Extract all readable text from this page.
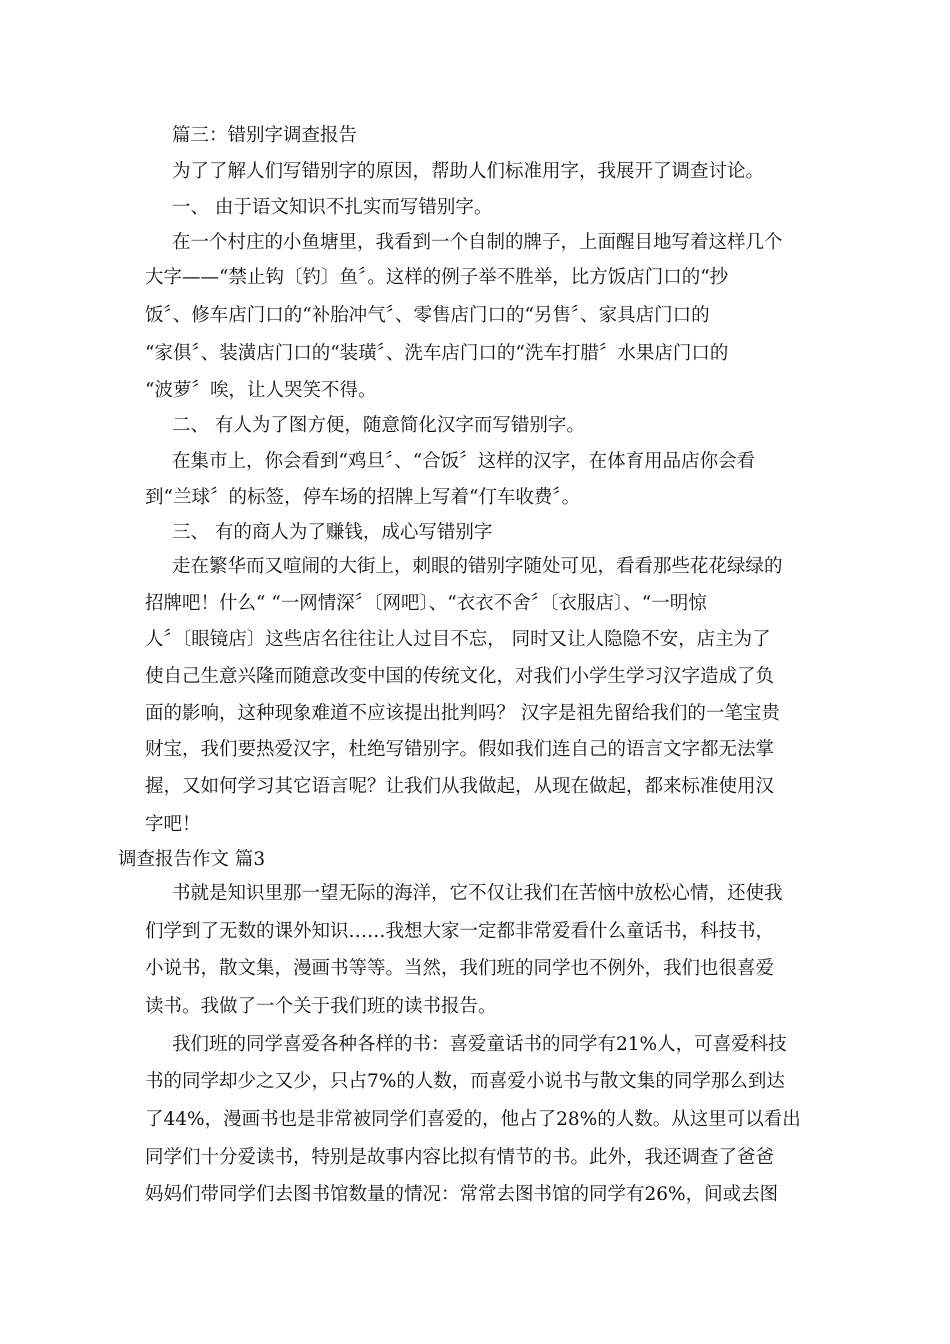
篇三：错别字调查报告
为了了解人们写错别字的原因，帮助人们标准用字，我展开了调查讨论。
一、 由于语文知识不扎实而写错别字。
在一个村庄的小鱼塘里，我看到一个自制的牌子，上面醒目地写着这样几个
大字——“禁止钩〔钓〕鱼〞。这样的例子举不胜举，比方饭店门口的“抄
饭〞、修车店门口的“补胎冲气〞、零售店门口的“另售〞、家具店门口的
“家俱〞、装潢店门口的“装璜〞、洗车店门口的“洗车打腊〞水果店门口的
“波萝〞唉，让人哭笑不得。
二、 有人为了图方便，随意简化汉字而写错别字。
在集市上，你会看到“鸡旦〞、“合饭〞这样的汉字，在体育用品店你会看
到“兰球〞的标签，停车场的招牌上写着“仃车收费〞。
三、 有的商人为了赚钱，成心写错别字
走在繁华而又喧闹的大街上，刺眼的错别字随处可见，看看那些花花绿绿的
招牌吧！什么“ “一网情深〞〔网吧〕、“衣衣不舍〞〔衣服店〕、“一明惊
人〞〔眼镜店〕这些店名往往让人过目不忘， 同时又让人隐隐不安，店主为了
使自己生意兴隆而随意改变中国的传统文化，对我们小学生学习汉字造成了负
面的影响，这种现象难道不应该提出批判吗？ 汉字是祖先留给我们的一笔宝贵
财宝，我们要热爱汉字，杜绝写错别字。假如我们连自己的语言文字都无法掌
握，又如何学习其它语言呢？让我们从我做起，从现在做起，都来标准使用汉
字吧！
调查报告作文 篇3
书就是知识里那一望无际的海洋，它不仅让我们在苦恼中放松心情，还使我
们学到了无数的课外知识……我想大家一定都非常爱看什么童话书，科技书，
小说书，散文集，漫画书等等。当然，我们班的同学也不例外，我们也很喜爱
读书。我做了一个关于我们班的读书报告。
我们班的同学喜爱各种各样的书：喜爱童话书的同学有21%人，可喜爱科技
书的同学却少之又少，只占7%的人数，而喜爱小说书与散文集的同学那么到达
了44%，漫画书也是非常被同学们喜爱的，他占了28%的人数。从这里可以看出
同学们十分爱读书，特别是故事内容比拟有情节的书。此外，我还调查了爸爸
妈妈们带同学们去图书馆数量的情况：常常去图书馆的同学有26%，间或去图
